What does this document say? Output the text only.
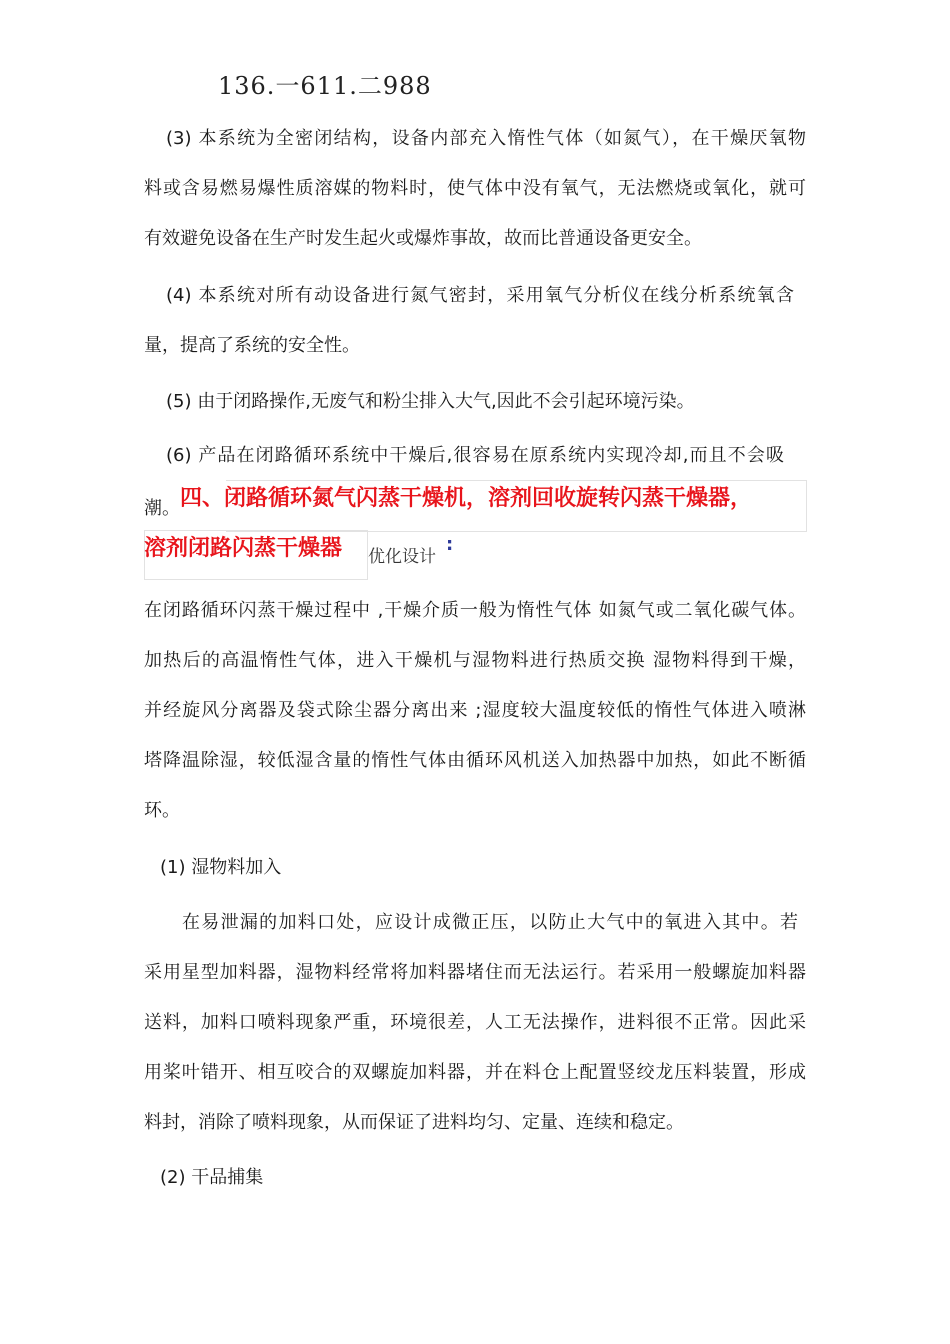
136.一611.二988
(3) 本系统为全密闭结构，设备内部充入惰性气体（如氮气），在干燥厌氧物
料或含易燃易爆性质溶媒的物料时，使气体中没有氧气，无法燃烧或氧化，就可
有效避免设备在生产时发生起火或爆炸事故，故而比普通设备更安全。
(4) 本系统对所有动设备进行氮气密封，采用氧气分析仪在线分析系统氧含
量，提高了系统的安全性。
(5) 由于闭路操作,无废气和粉尘排入大气,因此不会引起环境污染。
(6) 产品在闭路循环系统中干燥后,很容易在原系统内实现冷却,而且不会吸
潮。 四、闭路循环氮气闪蒸干燥机，溶剂回收旋转闪蒸干燥器，
溶剂闭路闪蒸干燥器 优化设计
:
在闭路循环闪蒸干燥过程中 ,干燥介质一般为惰性气体 如氮气或二氧化碳气体。
加热后的高温惰性气体，进入干燥机与湿物料进行热质交换 湿物料得到干燥，
并经旋风分离器及袋式除尘器分离出来 ;湿度较大温度较低的惰性气体进入喷淋
塔降温除湿，较低湿含量的惰性气体由循环风机送入加热器中加热，如此不断循
环。
(1) 湿物料加入
在易泄漏的加料口处，应设计成微正压，以防止大气中的氧进入其中。若
采用星型加料器，湿物料经常将加料器堵住而无法运行。若采用一般螺旋加料器
送料，加料口喷料现象严重，环境很差，人工无法操作，进料很不正常。因此采
用桨叶错开、相互咬合的双螺旋加料器，并在料仓上配置竖绞龙压料装置，形成
料封，消除了喷料现象，从而保证了进料均匀、定量、连续和稳定。
(2) 干品捕集
